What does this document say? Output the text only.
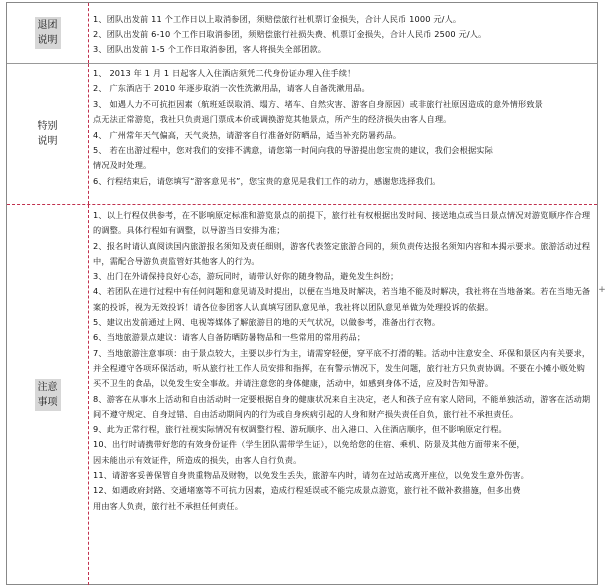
退团
说明

1、团队出发前 11 个工作日以上取消参团，须赔偿旅行社机票订金损失，合计人民币 1000 元/人。

2、团队出发前 6-10 个工作日取消参团，须赔偿旅行社损失费、机票订金损失，合计人民币 2500 元/人。

3、团队出发前 1-5 个工作日取消参团，客人将损失全部团款。

特别
说明

1、 2013 年 1 月 1 日起客人入住酒店须凭二代身份证办理入住手续！

2、 广东酒店于 2010 年逐步取消一次性洗漱用品，请客人自备洗漱用品。

3、 如遇人力不可抗拒因素（航班延误取消、塌方、堵车、自然灾害、游客自身原因）或非旅行社原因造成的意外情形致景
点无法正常游览，我社只负责退门票成本价或调换游览其他景点，所产生的经济损失由客人自理。

4、 广州常年天气偏高，天气炎热，请游客自行准备好防晒品，适当补充防暑药品。

5、 若在出游过程中，您对我们的安排不满意，请您第一时间向我的导游提出您宝贵的建议，我们会根据实际
情况及时处理。

6、行程结束后，请您填写“游客意见书”，您宝贵的意见是我们工作的动力，感谢您选择我们。

注意
事项

1、以上行程仅供参考，在不影响原定标准和游览景点的前提下，旅行社有权根据出发时间、接送地点或当日景点情况对游览顺序作合理的调整。具体行程如有调整，以导游当日安排为准；

2、报名时请认真阅读国内旅游报名须知及责任细则，游客代表签定旅游合同的，须负责传达报名须知内容和本揭示要求。旅游活动过程中，需配合导游负责监管好其他客人的行为。

3、出门在外请保持良好心态，游玩同时，请带认好你的随身物品，避免发生纠纷；

4、若团队在进行过程中有任何问题和意见请及时提出，以便在当地及时解决，若当地不能及时解决，我社将在当地备案。若在当地无备案的投诉，视为无效投诉！请各位参团客人认真填写团队意见单，我社将以团队意见单做为处理投诉的依据。

5、建议出发前通过上网、电视等媒体了解旅游目的地的天气状况，以做参考，准备出行衣物。

6、当地旅游景点建议：请客人自备防晒防暑物品和一些常用的常用药品；

7、当地旅游注意事项：由于景点较大，主要以步行为主，请需穿轻便，穿平底不打滑的鞋。活动中注意安全、环保和景区内有关要求，并全程遵守各项环保活动，听从旅行社工作人员安排和指挥，在有警示情况下，发生问题，旅行社方只负责协调。不要在小摊小贩处购买不卫生的食品，以免发生安全事故。并请注意您的身体健康，活动中，如感到身体不适，应及时告知导游。

8、游客在从事水上活动和自由活动时一定要根据自身的健康状况来自主决定，老人和孩子应有家人陪同，不能单独活动，游客在活动期间不遵守规定、自身过错、自由活动期间内的行为或自身疾病引起的人身和财产损失责任自负，旅行社不承担责任。

9、此为正常行程，旅行社视实际情况有权调整行程、游玩顺序、出入港口、入住酒店顺序，但不影响原定行程。

10、出行时请携带好您的有效身份证件（学生团队需带学生证），以免给您的住宿、乘机、防景及其他方面带来不便，
因未能出示有效证件，所造成的损失，由客人自行负责。

11、请游客妥善保管自身贵重物品及财物，以免发生丢失，旅游车内时，请勿在过站或离开座位，以免发生意外伤害。

12、如遇政府封路、交通堵塞等不可抗力因素，造成行程延误或不能完成景点游览，旅行社不做补救措施，但多出费
用由客人负责，旅行社不承担任何责任。

+
